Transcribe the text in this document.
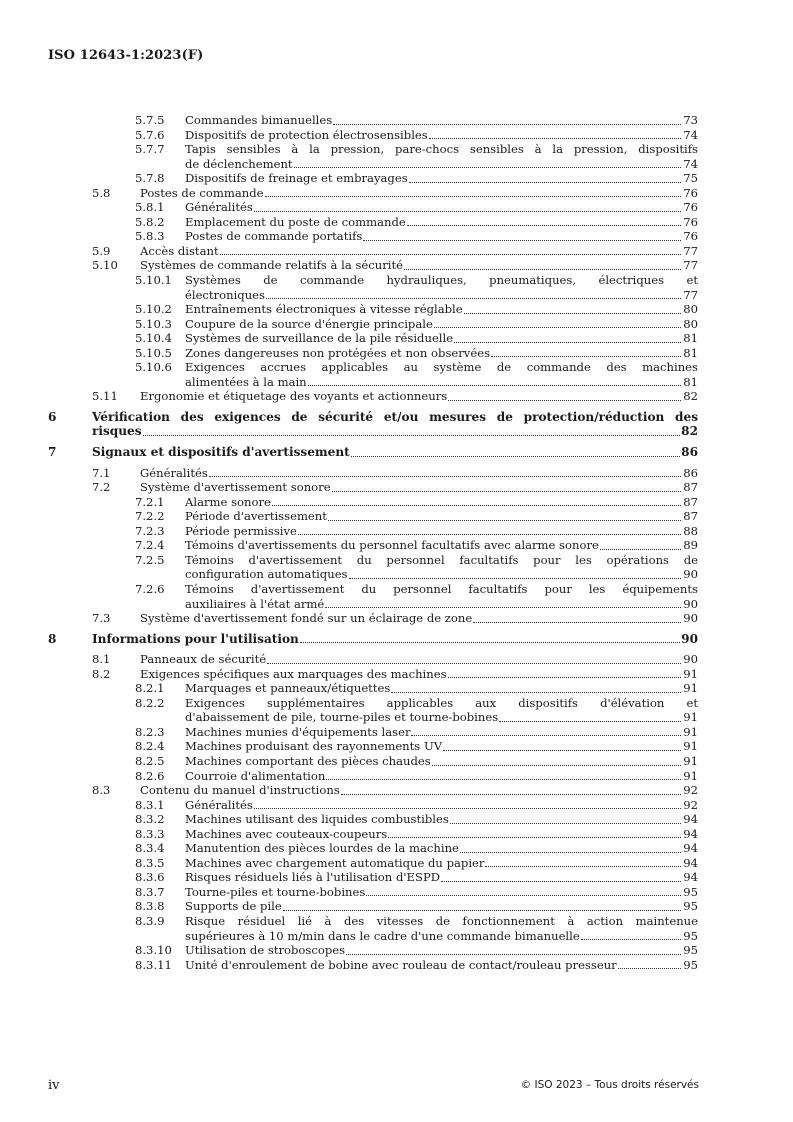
ISO 12643-1:2023(F)
5.7.5 Commandes bimanuelles	73
5.7.6 Dispositifs de protection électrosensibles	74
5.7.7 Tapis sensibles à la pression, pare-chocs sensibles à la pression, dispositifs
de déclenchement	74
5.7.8 Dispositifs de freinage et embrayages	75
5.8	Postes de commande	76
5.8.1 Généralités	76
5.8.2 Emplacement du poste de commande	76
5.8.3 Postes de commande portatifs	76
5.9	Accès distant	77
5.10 Systèmes de commande relatifs à la sécurité	77
5.10.1 Systèmes de commande hydrauliques, pneumatiques, électriques et
électroniques	77
5.10.2 Entraînements électroniques à vitesse réglable	80
5.10.3 Coupure de la source d'énergie principale	80
5.10.4 Systèmes de surveillance de la pile résiduelle	81
5.10.5 Zones dangereuses non protégées et non observées	81
5.10.6 Exigences accrues applicables au système de commande des machines
alimentées à la main	81
5.11 Ergonomie et étiquetage des voyants et actionneurs	82
6	Vérification des exigences de sécurité et/ou mesures de protection/réduction des
risques	82
7	Signaux et dispositifs d'avertissement	86
7.1	Généralités	86
7.2	Système d'avertissement sonore	87
7.2.1 Alarme sonore	87
7.2.2 Période d'avertissement	87
7.2.3 Période permissive	88
7.2.4 Témoins d'avertissements du personnel facultatifs avec alarme sonore	89
7.2.5 Témoins d'avertissement du personnel facultatifs pour les opérations de
configuration automatiques	90
7.2.6 Témoins d'avertissement du personnel facultatifs pour les équipements
auxiliaires à l'état armé	90
7.3	Système d'avertissement fondé sur un éclairage de zone	90
8	Informations pour l'utilisation	90
8.1	Panneaux de sécurité	90
8.2	Exigences spécifiques aux marquages des machines	91
8.2.1 Marquages et panneaux/étiquettes	91
8.2.2 Exigences supplémentaires applicables aux dispositifs d'élévation et
d'abaissement de pile, tourne-piles et tourne-bobines	91
8.2.3 Machines munies d'équipements laser	91
8.2.4 Machines produisant des rayonnements UV	91
8.2.5 Machines comportant des pièces chaudes	91
8.2.6 Courroie d'alimentation	91
8.3	Contenu du manuel d'instructions	92
8.3.1 Généralités	92
8.3.2 Machines utilisant des liquides combustibles	94
8.3.3 Machines avec couteaux-coupeurs	94
8.3.4 Manutention des pièces lourdes de la machine	94
8.3.5 Machines avec chargement automatique du papier	94
8.3.6 Risques résiduels liés à l'utilisation d'ESPD	94
8.3.7 Tourne-piles et tourne-bobines	95
8.3.8 Supports de pile	95
8.3.9 Risque résiduel lié à des vitesses de fonctionnement à action maintenue
supérieures à 10 m/min dans le cadre d'une commande bimanuelle	95
8.3.10 Utilisation de stroboscopes	95
8.3.11 Unité d'enroulement de bobine avec rouleau de contact/rouleau presseur	95
iv	© ISO 2023 – Tous droits réservés
